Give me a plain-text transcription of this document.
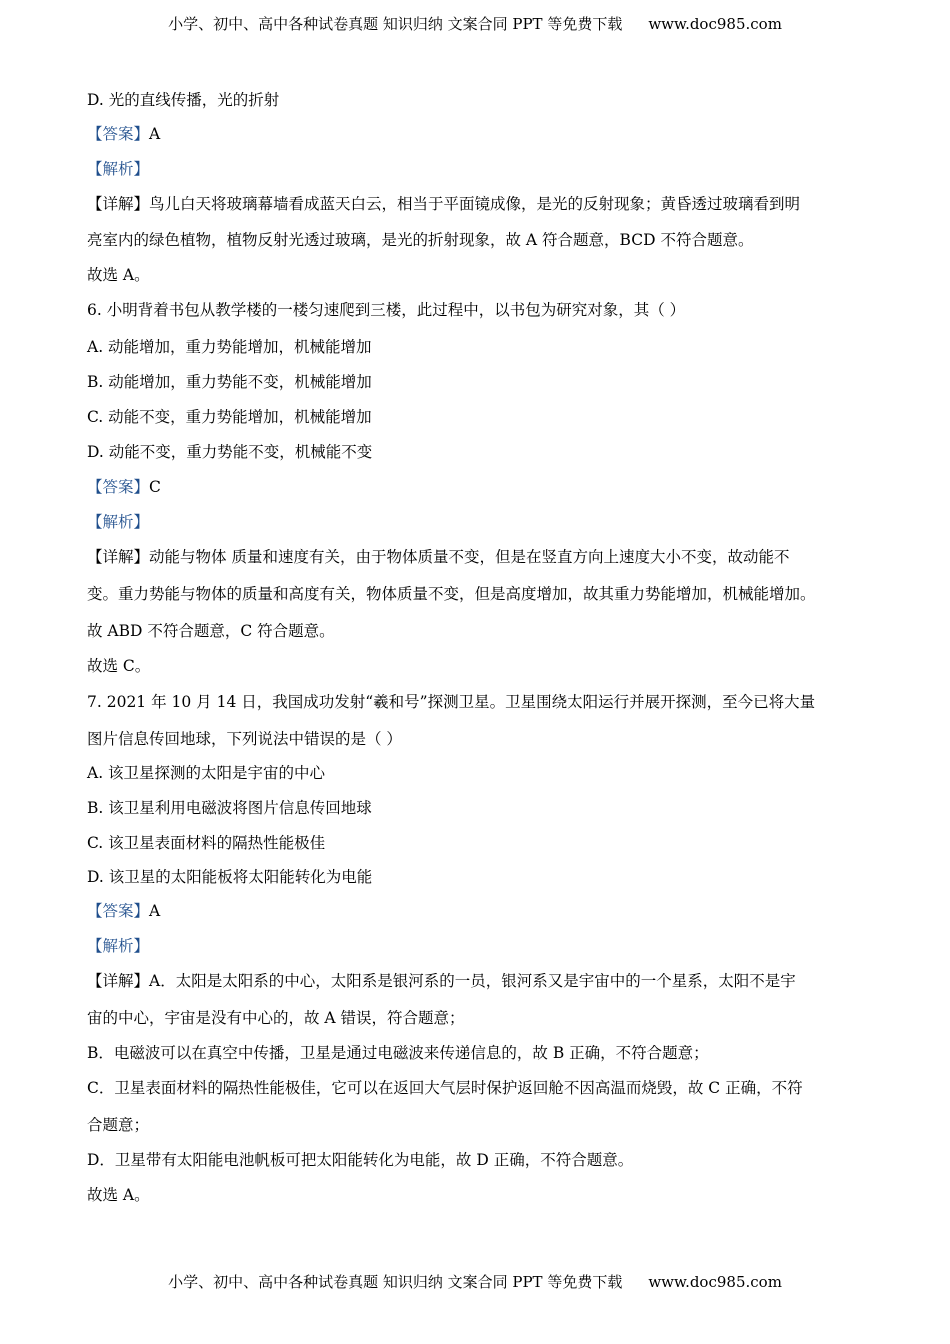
小学、初中、高中各种试卷真题 知识归纳 文案合同 PPT 等免费下载 www.doc985.com
D. 光的直线传播，光的折射
【答案】A
【解析】
【详解】鸟儿白天将玻璃幕墙看成蓝天白云，相当于平面镜成像，是光的反射现象；黄昏透过玻璃看到明
亮室内的绿色植物，植物反射光透过玻璃，是光的折射现象，故 A 符合题意，BCD 不符合题意。
故选 A。
6. 小明背着书包从教学楼的一楼匀速爬到三楼，此过程中，以书包为研究对象，其（ ）
A. 动能增加，重力势能增加，机械能增加
B. 动能增加，重力势能不变，机械能增加
C. 动能不变，重力势能增加，机械能增加
D. 动能不变，重力势能不变，机械能不变
【答案】C
【解析】
【详解】动能与物体 质量和速度有关，由于物体质量不变，但是在竖直方向上速度大小不变，故动能不
变。重力势能与物体的质量和高度有关，物体质量不变，但是高度增加，故其重力势能增加，机械能增加。
故 ABD 不符合题意，C 符合题意。
故选 C。
7. 2021 年 10 月 14 日，我国成功发射“羲和号”探测卫星。卫星围绕太阳运行并展开探测，至今已将大量
图片信息传回地球，下列说法中错误的是（ ）
A. 该卫星探测的太阳是宇宙的中心
B. 该卫星利用电磁波将图片信息传回地球
C. 该卫星表面材料的隔热性能极佳
D. 该卫星的太阳能板将太阳能转化为电能
【答案】A
【解析】
【详解】A．太阳是太阳系的中心，太阳系是银河系的一员，银河系又是宇宙中的一个星系，太阳不是宇
宙的中心，宇宙是没有中心的，故 A 错误，符合题意；
B．电磁波可以在真空中传播，卫星是通过电磁波来传递信息的，故 B 正确，不符合题意；
C．卫星表面材料的隔热性能极佳，它可以在返回大气层时保护返回舱不因高温而烧毁，故 C 正确，不符
合题意；
D．卫星带有太阳能电池帆板可把太阳能转化为电能，故 D 正确，不符合题意。
故选 A。
小学、初中、高中各种试卷真题 知识归纳 文案合同 PPT 等免费下载 www.doc985.com
